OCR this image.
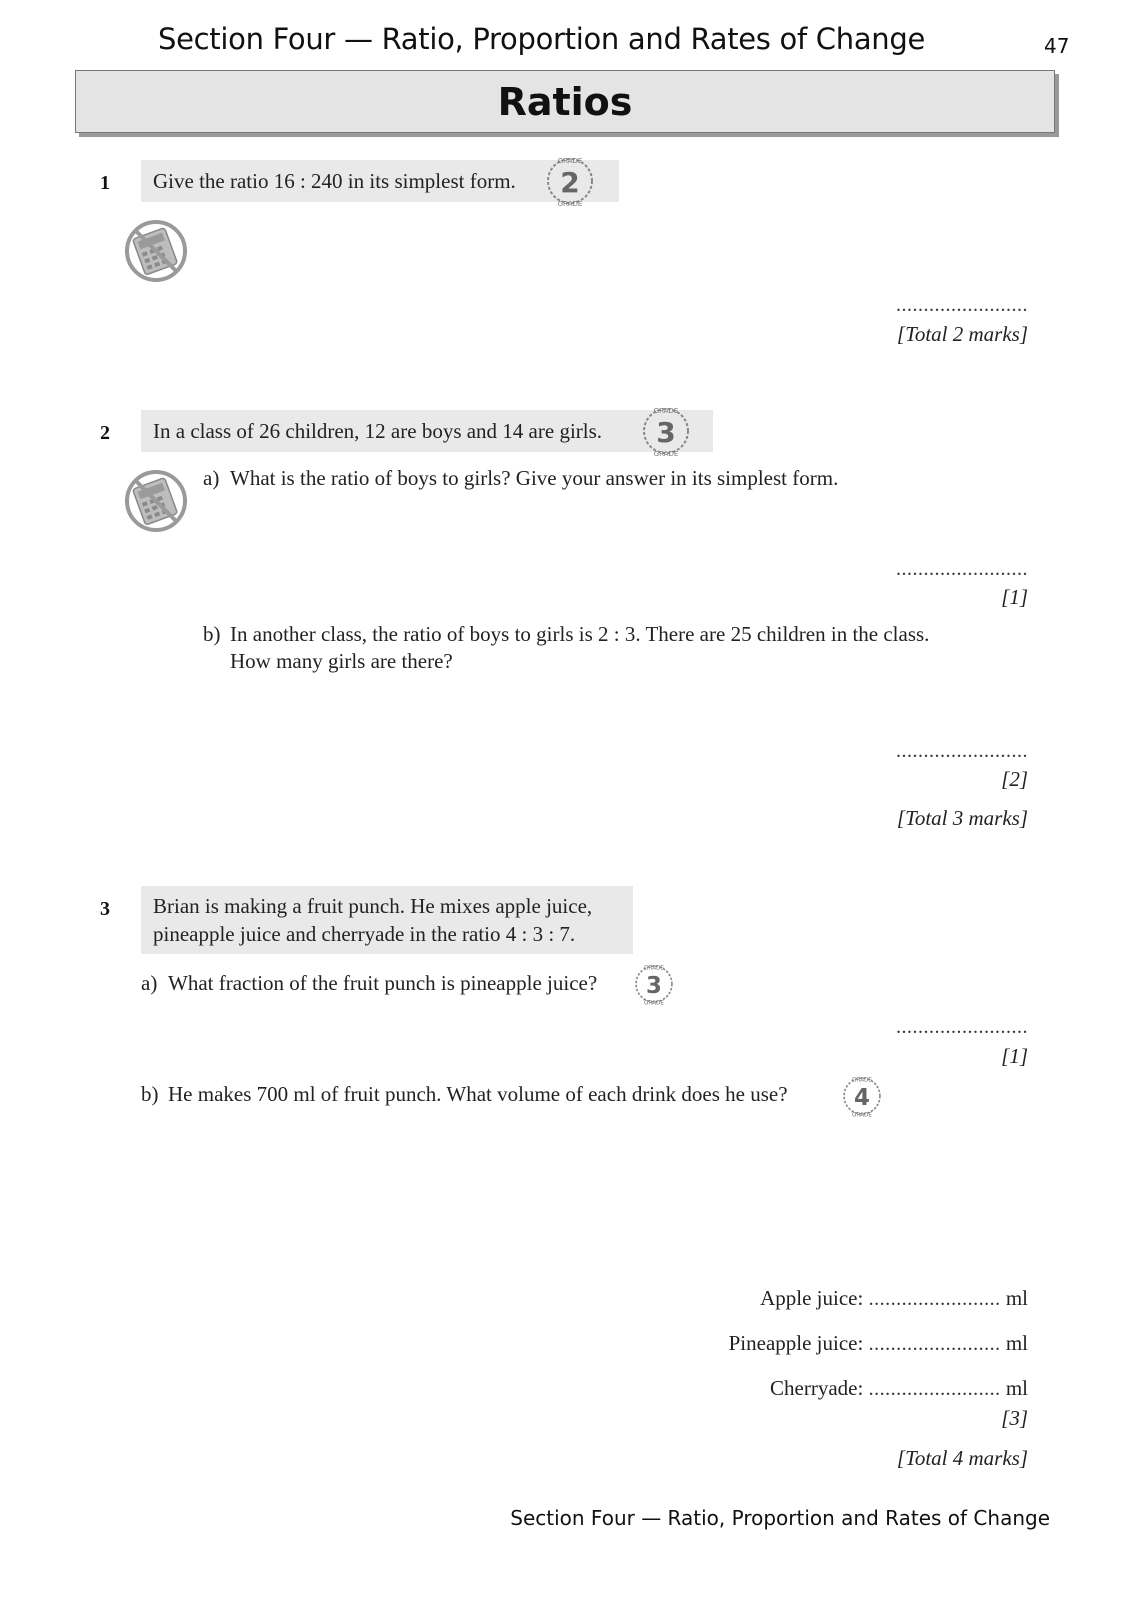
Section Four — Ratio, Proportion and Rates of Change	47
Ratios
1 Give the ratio 16 : 240 in its simplest form. 2
GRADE
GRADE
........................
[Total 2 marks]
2 In a class of 26 children, 12 are boys and 14 are girls. 3
GRADE
GRADE
a) What is the ratio of boys to girls? Give your answer in its simplest form.
........................
[1]
b) In another class, the ratio of boys to girls is 2 : 3. There are 25 children in the class.
How many girls are there?
........................
[2]
[Total 3 marks]
3 Brian is making a fruit punch. He mixes apple juice,
pineapple juice and cherryade in the ratio 4 : 3 : 7.
a) What fraction of the fruit punch is pineapple juice? 3
GRADE
GRADE
........................
[1]
b) He makes 700 ml of fruit punch. What volume of each drink does he use? 4
GRADE
GRADE
Apple juice: ........................ ml
Pineapple juice: ........................ ml
Cherryade: ........................ ml
[3]
[Total 4 marks]
Section Four — Ratio, Proportion and Rates of Change
